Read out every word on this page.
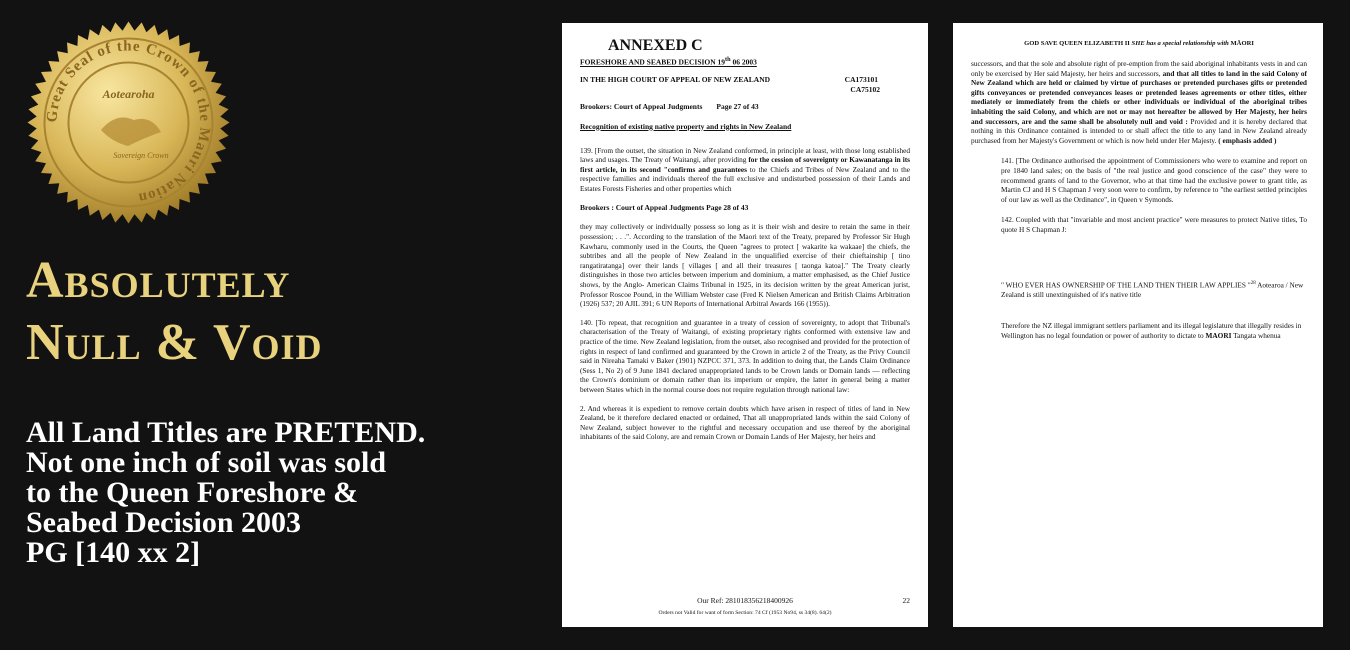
Great Seal of the Crown of the Mauri Nation
Aotearoha
Sovereign Crown
Absolutely
Null & Void
All Land Titles are PRETEND.
Not one inch of soil was sold
to the Queen Foreshore &
Seabed Decision 2003
PG [140 xx 2]
ANNEXED C
FORESHORE AND SEABED DECISION 19th 06 2003
IN THE HIGH COURT OF APPEAL OF NEW ZEALAND	CA173101
CA75102
Brookers: Court of Appeal Judgments Page 27 of 43
Recognition of existing native property and rights in New Zealand
139. [From the outset, the situation in New Zealand conformed, in principle at least, with those long established laws and usages. The Treaty of Waitangi, after providing for the cession of sovereignty or Kawanatanga in its first article, in its second "confirms and guarantees to the Chiefs and Tribes of New Zealand and to the respective families and individuals thereof the full exclusive and undisturbed possession of their Lands and Estates Forests Fisheries and other properties which
Brookers : Court of Appeal Judgments Page 28 of 43
they may collectively or individually possess so long as it is their wish and desire to retain the same in their possession; . . .". According to the translation of the Maori text of the Treaty, prepared by Professor Sir Hugh Kawharu, commonly used in the Courts, the Queen "agrees to protect [ wakarite ka wakaae] the chiefs, the subtribes and all the people of New Zealand in the unqualified exercise of their chieftainship [ tino rangatiratanga] over their lands [ villages [ and all their treasures [ taonga katoa]." The Treaty clearly distinguishes in those two articles between imperium and dominium, a matter emphasised, as the Chief Justice shows, by the Anglo- American Claims Tribunal in 1925, in its decision written by the great American jurist, Professor Roscoe Pound, in the William Webster case (Fred K Nielsen American and British Claims Arbitration (1926) 537; 20 AJIL 391; 6 UN Reports of International Arbitral Awards 166 (1955)).
140. [To repeat, that recognition and guarantee in a treaty of cession of sovereignty, to adopt that Tribunal's characterisation of the Treaty of Waitangi, of existing proprietary rights conformed with extensive law and practice of the time. New Zealand legislation, from the outset, also recognised and provided for the protection of rights in respect of land confirmed and guaranteed by the Crown in article 2 of the Treaty, as the Privy Council said in Nireaha Tamaki v Baker (1901) NZPCC 371, 373. In addition to doing that, the Lands Claim Ordinance (Sess 1, No 2) of 9 June 1841 declared unappropriated lands to be Crown lands or Domain lands — reflecting the Crown's dominium or domain rather than its imperium or empire, the latter in general being a matter between States which in the normal course does not require regulation through national law:
2. And whereas it is expedient to remove certain doubts which have arisen in respect of titles of land in New Zealand, be it therefore declared enacted or ordained, That all unappropriated lands within the said Colony of New Zealand, subject however to the rightful and necessary occupation and use thereof by the aboriginal inhabitants of the said Colony, are and remain Crown or Domain Lands of Her Majesty, her heirs and
Our Ref: 281018356218400926	22
Orders not Valid for want of form Section: 74 Cf (1953 No94, ss 34(8). 64(2)
GOD SAVE QUEEN ELIZABETH II SHE has a special relationship with MĀORI
successors, and that the sole and absolute right of pre-emption from the said aboriginal inhabitants vests in and can only be exercised by Her said Majesty, her heirs and successors, and that all titles to land in the said Colony of New Zealand which are held or claimed by virtue of purchases or pretended purchases gifts or pretended gifts conveyances or pretended conveyances leases or pretended leases agreements or other titles, either mediately or immediately from the chiefs or other individuals or individual of the aboriginal tribes inhabiting the said Colony, and which are not or may not hereafter be allowed by Her Majesty, her heirs and successors, are and the same shall be absolutely null and void : Provided and it is hereby declared that nothing in this Ordinance contained is intended to or shall affect the title to any land in New Zealand already purchased from her Majesty's Government or which is now held under Her Majesty. ( emphasis added )
141. [The Ordinance authorised the appointment of Commissioners who were to examine and report on pre 1840 land sales; on the basis of "the real justice and good conscience of the case" they were to recommend grants of land to the Governor, who at that time had the exclusive power to grant title, as Martin CJ and H S Chapman J very soon were to confirm, by reference to "the earliest settled principles of our law as well as the Ordinance", in Queen v Symonds.
142. Coupled with that "invariable and most ancient practice" were measures to protect Native titles, To quote H S Chapman J:
" WHO EVER HAS OWNERSHIP OF THE LAND THEN THEIR LAW APPLIES "$^{28}$ Aotearoa / New Zealand is still unextinguished of it's native title
Therefore the NZ illegal immigrant settlers parliament and its illegal legislature that illegally resides in Wellington has no legal foundation or power of authority to dictate to MAORI Tangata whenua
